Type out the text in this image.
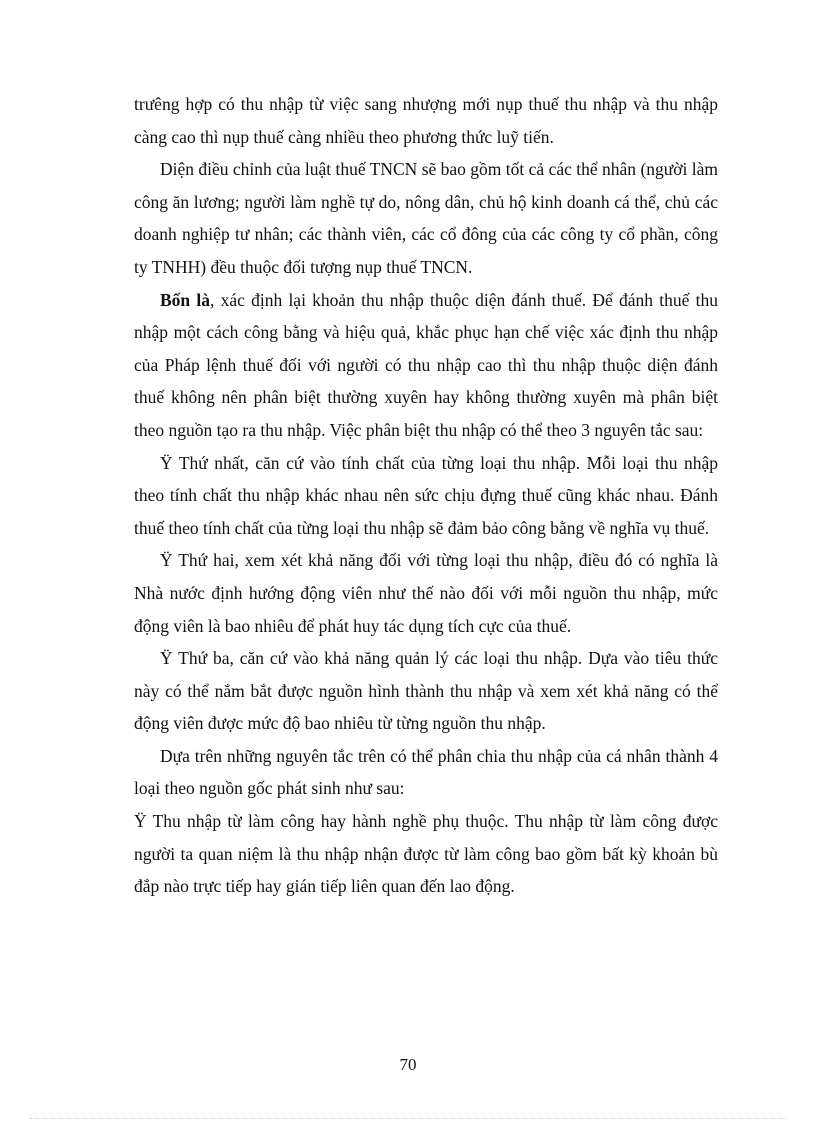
trưêng hợp có thu nhập từ việc sang nhượng mới nụp thuế thu nhập và thu nhập càng cao thì nụp thuế càng nhiều theo phương thức luỹ tiến.

Diện điều chỉnh của luật thuế TNCN sẽ bao gồm tốt cả các thể nhân (người làm công ăn lương; người làm nghề tự do, nông dân, chủ hộ kinh doanh cá thể, chủ các doanh nghiệp tư nhân; các thành viên, các cổ đông của các công ty cổ phần, công ty TNHH) đều thuộc đối tượng nụp thuế TNCN.

Bốn là, xác định lại khoản thu nhập thuộc diện đánh thuế. Để đánh thuế thu nhập một cách công bằng và hiệu quả, khắc phục hạn chế việc xác định thu nhập của Pháp lệnh thuế đối với người có thu nhập cao thì thu nhập thuộc diện đánh thuế không nên phân biệt thường xuyên hay không thường xuyên mà phân biệt theo nguồn tạo ra thu nhập. Việc phân biệt thu nhập có thể theo 3 nguyên tắc sau:

Ÿ Thứ nhất, căn cứ vào tính chất của từng loại thu nhập. Mỗi loại thu nhập theo tính chất thu nhập khác nhau nên sức chịu đựng thuế cũng khác nhau. Đánh thuế theo tính chất của từng loại thu nhập sẽ đảm bảo công bằng về nghĩa vụ thuế.

Ÿ Thứ hai, xem xét khả năng đối với từng loại thu nhập, điều đó có nghĩa là Nhà nước định hướng động viên như thế nào đối với mỗi nguồn thu nhập, mức động viên là bao nhiêu để phát huy tác dụng tích cực của thuế.

Ÿ Thứ ba, căn cứ vào khả năng quản lý các loại thu nhập. Dựa vào tiêu thức này có thể nắm bắt được nguồn hình thành thu nhập và xem xét khả năng có thể động viên được mức độ bao nhiêu từ từng nguồn thu nhập.

Dựa trên những nguyên tắc trên có thể phân chia thu nhập của cá nhân thành 4 loại theo nguồn gốc phát sinh như sau:

Ÿ Thu nhập từ làm công hay hành nghề phụ thuộc. Thu nhập từ làm công được người ta quan niệm là thu nhập nhận được từ làm công bao gồm bất kỳ khoản bù đắp nào trực tiếp hay gián tiếp liên quan đến lao động.

70
